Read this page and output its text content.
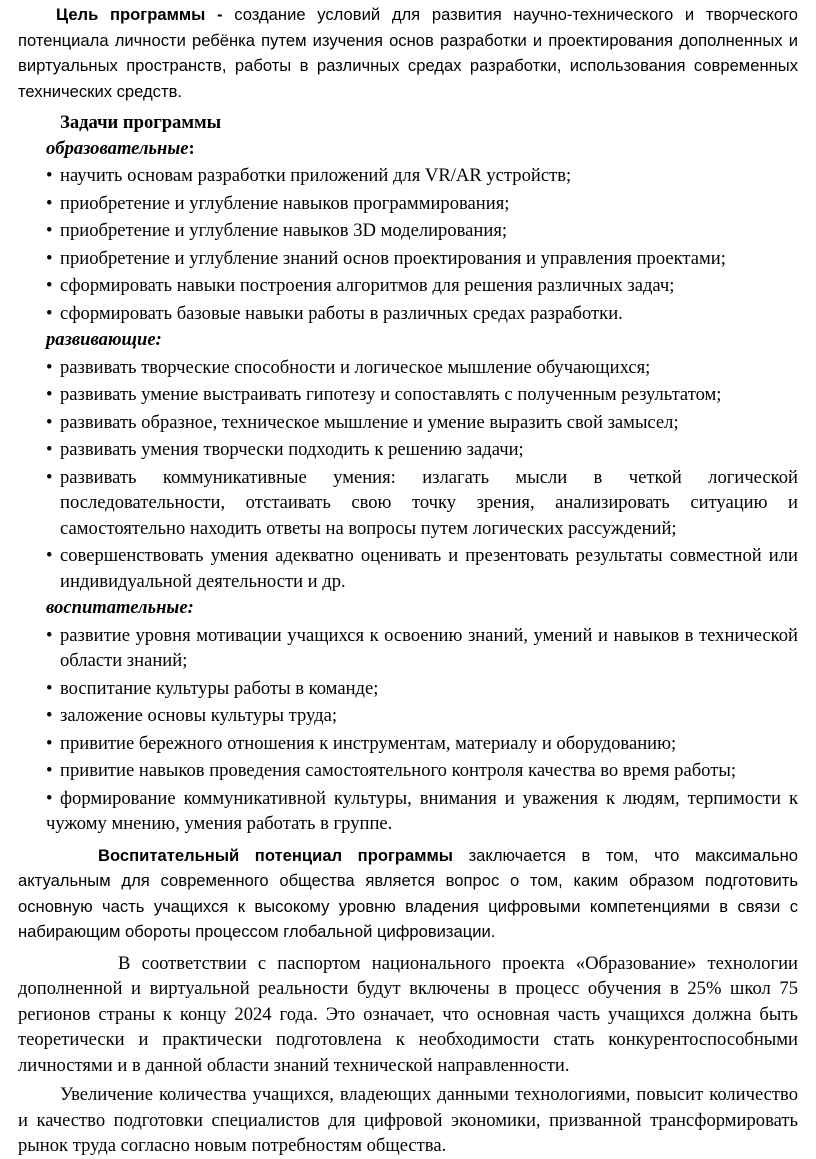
Цель программы - создание условий для развития научно-технического и творческого потенциала личности ребёнка путем изучения основ разработки и проектирования дополненных и виртуальных пространств, работы в различных средах разработки, использования современных технических средств.

Задачи программы

образовательные:

• научить основам разработки приложений для VR/AR устройств;
• приобретение и углубление навыков программирования;
• приобретение и углубление навыков 3D моделирования;
• приобретение и углубление знаний основ проектирования и управления проектами;
• сформировать навыки построения алгоритмов для решения различных задач;
• сформировать базовые навыки работы в различных средах разработки.

развивающие:

• развивать творческие способности и логическое мышление обучающихся;
• развивать умение выстраивать гипотезу и сопоставлять с полученным результатом;
• развивать образное, техническое мышление и умение выразить свой замысел;
• развивать умения творчески подходить к решению задачи;
• развивать коммуникативные умения: излагать мысли в четкой логической последовательности, отстаивать свою точку зрения, анализировать ситуацию и самостоятельно находить ответы на вопросы путем логических рассуждений;
• совершенствовать умения адекватно оценивать и презентовать результаты совместной или индивидуальной деятельности и др.

воспитательные:

• развитие уровня мотивации учащихся к освоению знаний, умений и навыков в технической области знаний;
• воспитание культуры работы в команде;
• заложение основы культуры труда;
• привитие бережного отношения к инструментам, материалу и оборудованию;
• привитие навыков проведения самостоятельного контроля качества во время работы;

• формирование коммуникативной культуры, внимания и уважения к людям, терпимости к чужому мнению, умения работать в группе.

Воспитательный потенциал программы заключается в том, что максимально актуальным для современного общества является вопрос о том, каким образом подготовить основную часть учащихся к высокому уровню владения цифровыми компетенциями в связи с набирающим обороты процессом глобальной цифровизации.

В соответствии с паспортом национального проекта «Образование» технологии дополненной и виртуальной реальности будут включены в процесс обучения в 25% школ 75 регионов страны к концу 2024 года. Это означает, что основная часть учащихся должна быть теоретически и практически подготовлена к необходимости стать конкурентоспособными личностями и в данной области знаний технической направленности.

Увеличение количества учащихся, владеющих данными технологиями, повысит количество и качество подготовки специалистов для цифровой экономики, призванной трансформировать рынок труда согласно новым потребностям общества.
